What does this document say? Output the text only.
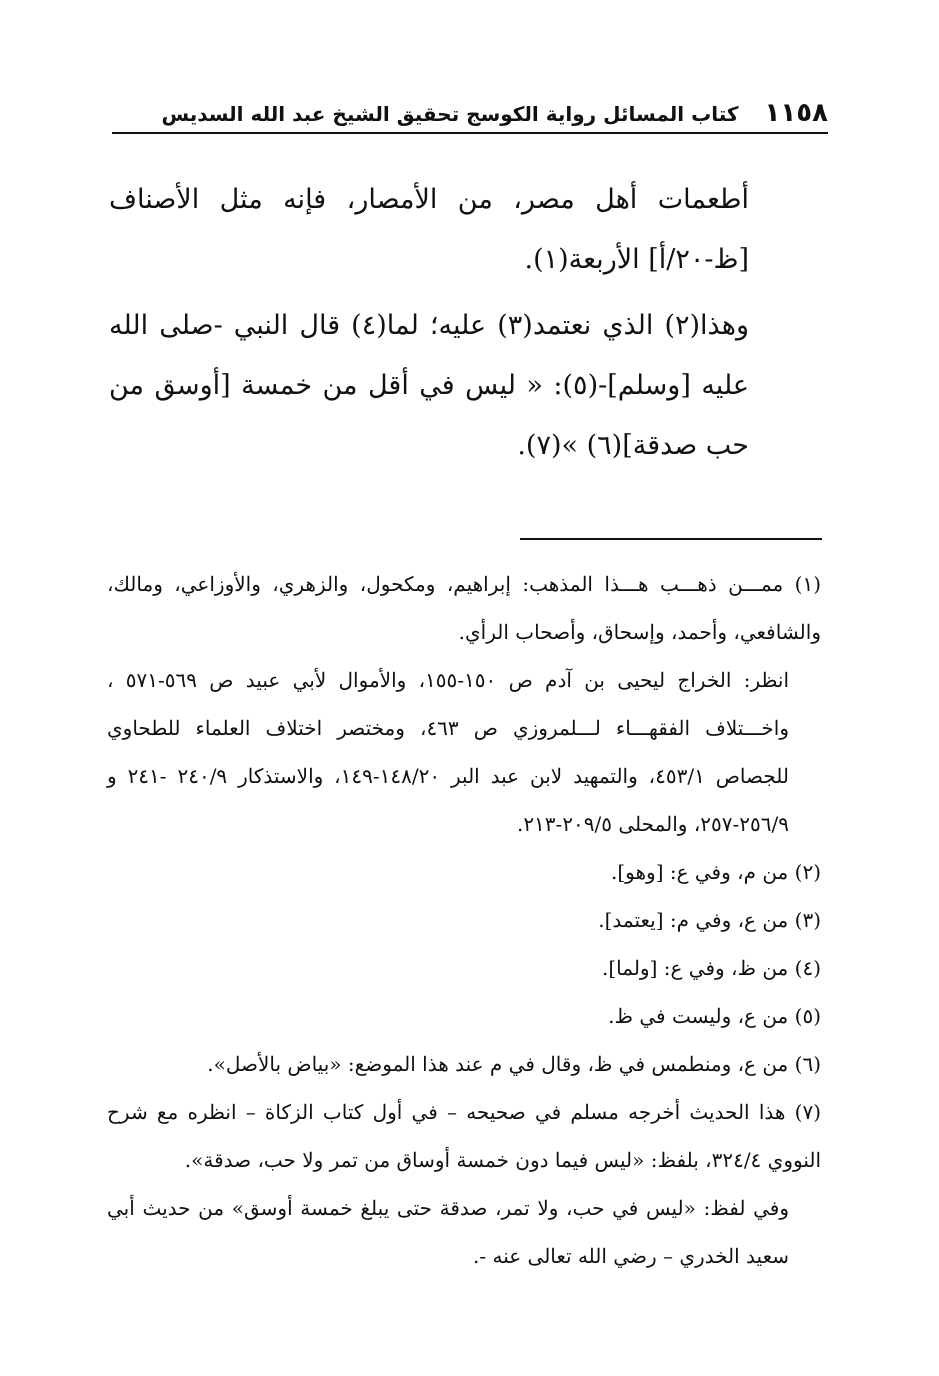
١١٥٨
كتاب المسائل رواية الكوسج تحقيق الشيخ عبد الله السديس

أطعمات أهل مصر، من الأمصار، فإنه مثل الأصناف [ظ-٢٠/أ] الأربعة(١).

وهذا(٢) الذي نعتمد(٣) عليه؛ لما(٤) قال النبي -صلى الله عليه [وسلم]-(٥): « ليس في أقل من خمسة [أوسق من حب صدقة](٦) »(٧).

(١) ممـــن ذهـــب هـــذا المذهب: إبراهيم، ومكحول، والزهري، والأوزاعي، ومالك، والشافعي، وأحمد، وإسحاق، وأصحاب الرأي.

انظر: الخراج ليحيى بن آدم ص ١٥٠-١٥٥، والأموال لأبي عبيد ص ٥٦٩-٥٧١ ، واخـــتلاف الفقهـــاء لـــلمروزي ص ٤٦٣، ومختصر اختلاف العلماء للطحاوي للجصاص ٤٥٣/١، والتمهيد لابن عبد البر ١٤٨/٢٠-١٤٩، والاستذكار ٢٤٠/٩ -٢٤١ و ٢٥٦/٩-٢٥٧، والمحلى ٢٠٩/٥-٢١٣.

(٢) من م، وفي ع: [وهو].

(٣) من ع، وفي م: [يعتمد].

(٤) من ظ، وفي ع: [ولما].

(٥) من ع، وليست في ظ.

(٦) من ع، ومنطمس في ظ، وقال في م عند هذا الموضع: «بياض بالأصل».

(٧) هذا الحديث أخرجه مسلم في صحيحه – في أول كتاب الزكاة – انظره مع شرح النووي ٣٢٤/٤، بلفظ: «ليس فيما دون خمسة أوساق من تمر ولا حب، صدقة».

وفي لفظ: «ليس في حب، ولا تمر، صدقة حتى يبلغ خمسة أوسق» من حديث أبي سعيد الخدري – رضي الله تعالى عنه -.
